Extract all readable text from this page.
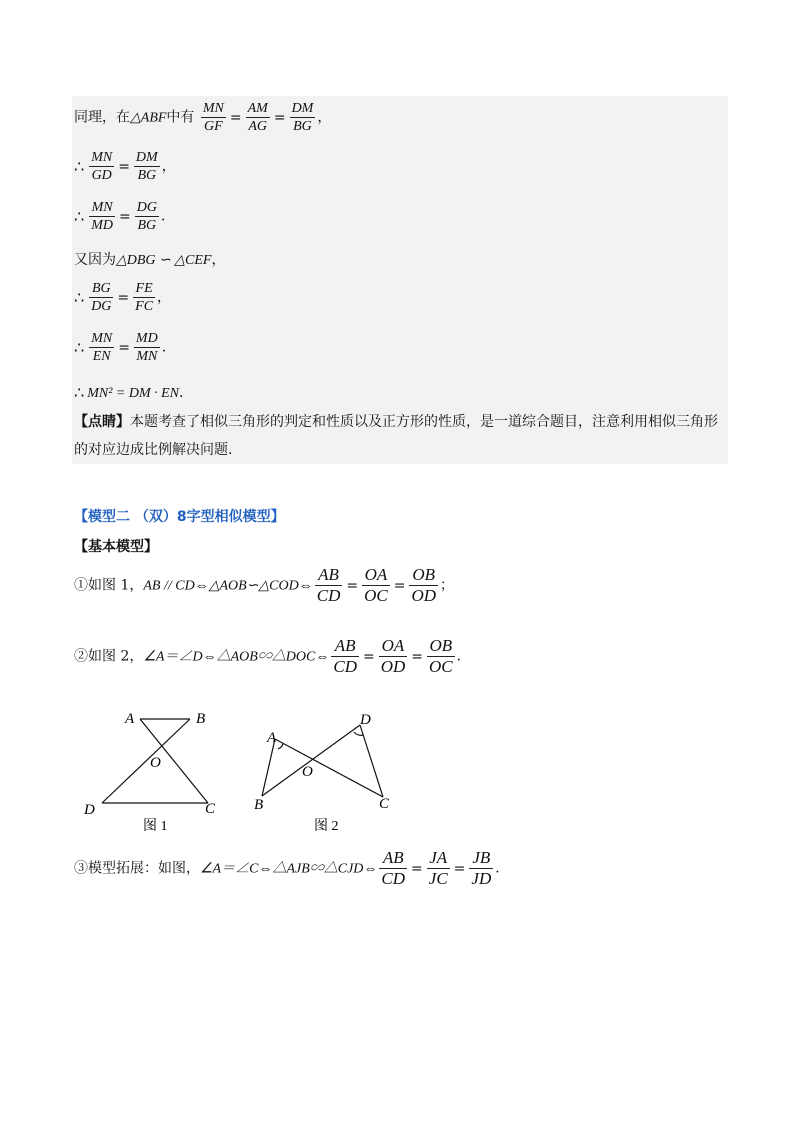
同理，在△ABF中有 $\frac{MN}{GF} = \frac{AM}{AG} = \frac{DM}{BG}$ ，
∴ $\frac{MN}{GD} = \frac{DM}{BG}$ ，
∴ $\frac{MN}{MD} = \frac{DG}{BG}$ ．
又因为△DBG ∽ △CEF，
∴ $\frac{BG}{DG} = \frac{FE}{FC}$ ，
∴ $\frac{MN}{EN} = \frac{MD}{MN}$ ．
∴ MN² = DM · EN．
【点睛】本题考查了相似三角形的判定和性质以及正方形的性质，是一道综合题目，注意利用相似三角形的对应边成比例解决问题.
【模型二 （双）8字型相似模型】
【基本模型】
①如图 1，AB // CD⇔△AOB∽△COD⇔ $\frac{AB}{CD} = \frac{OA}{OC} = \frac{OB}{OD}$ ；
②如图 2，∠A＝∠D⇔△AOB∽△DOC⇔ $\frac{AB}{CD} = \frac{OA}{OD} = \frac{OB}{OC}$ ．
A	B
O
D	C
图 1
A
D
O
B	C
图 2
③模型拓展：如图，∠A＝∠C⇔△AJB∽△CJD⇔ $\frac{AB}{CD} = \frac{JA}{JC} = \frac{JB}{JD}$ ．
